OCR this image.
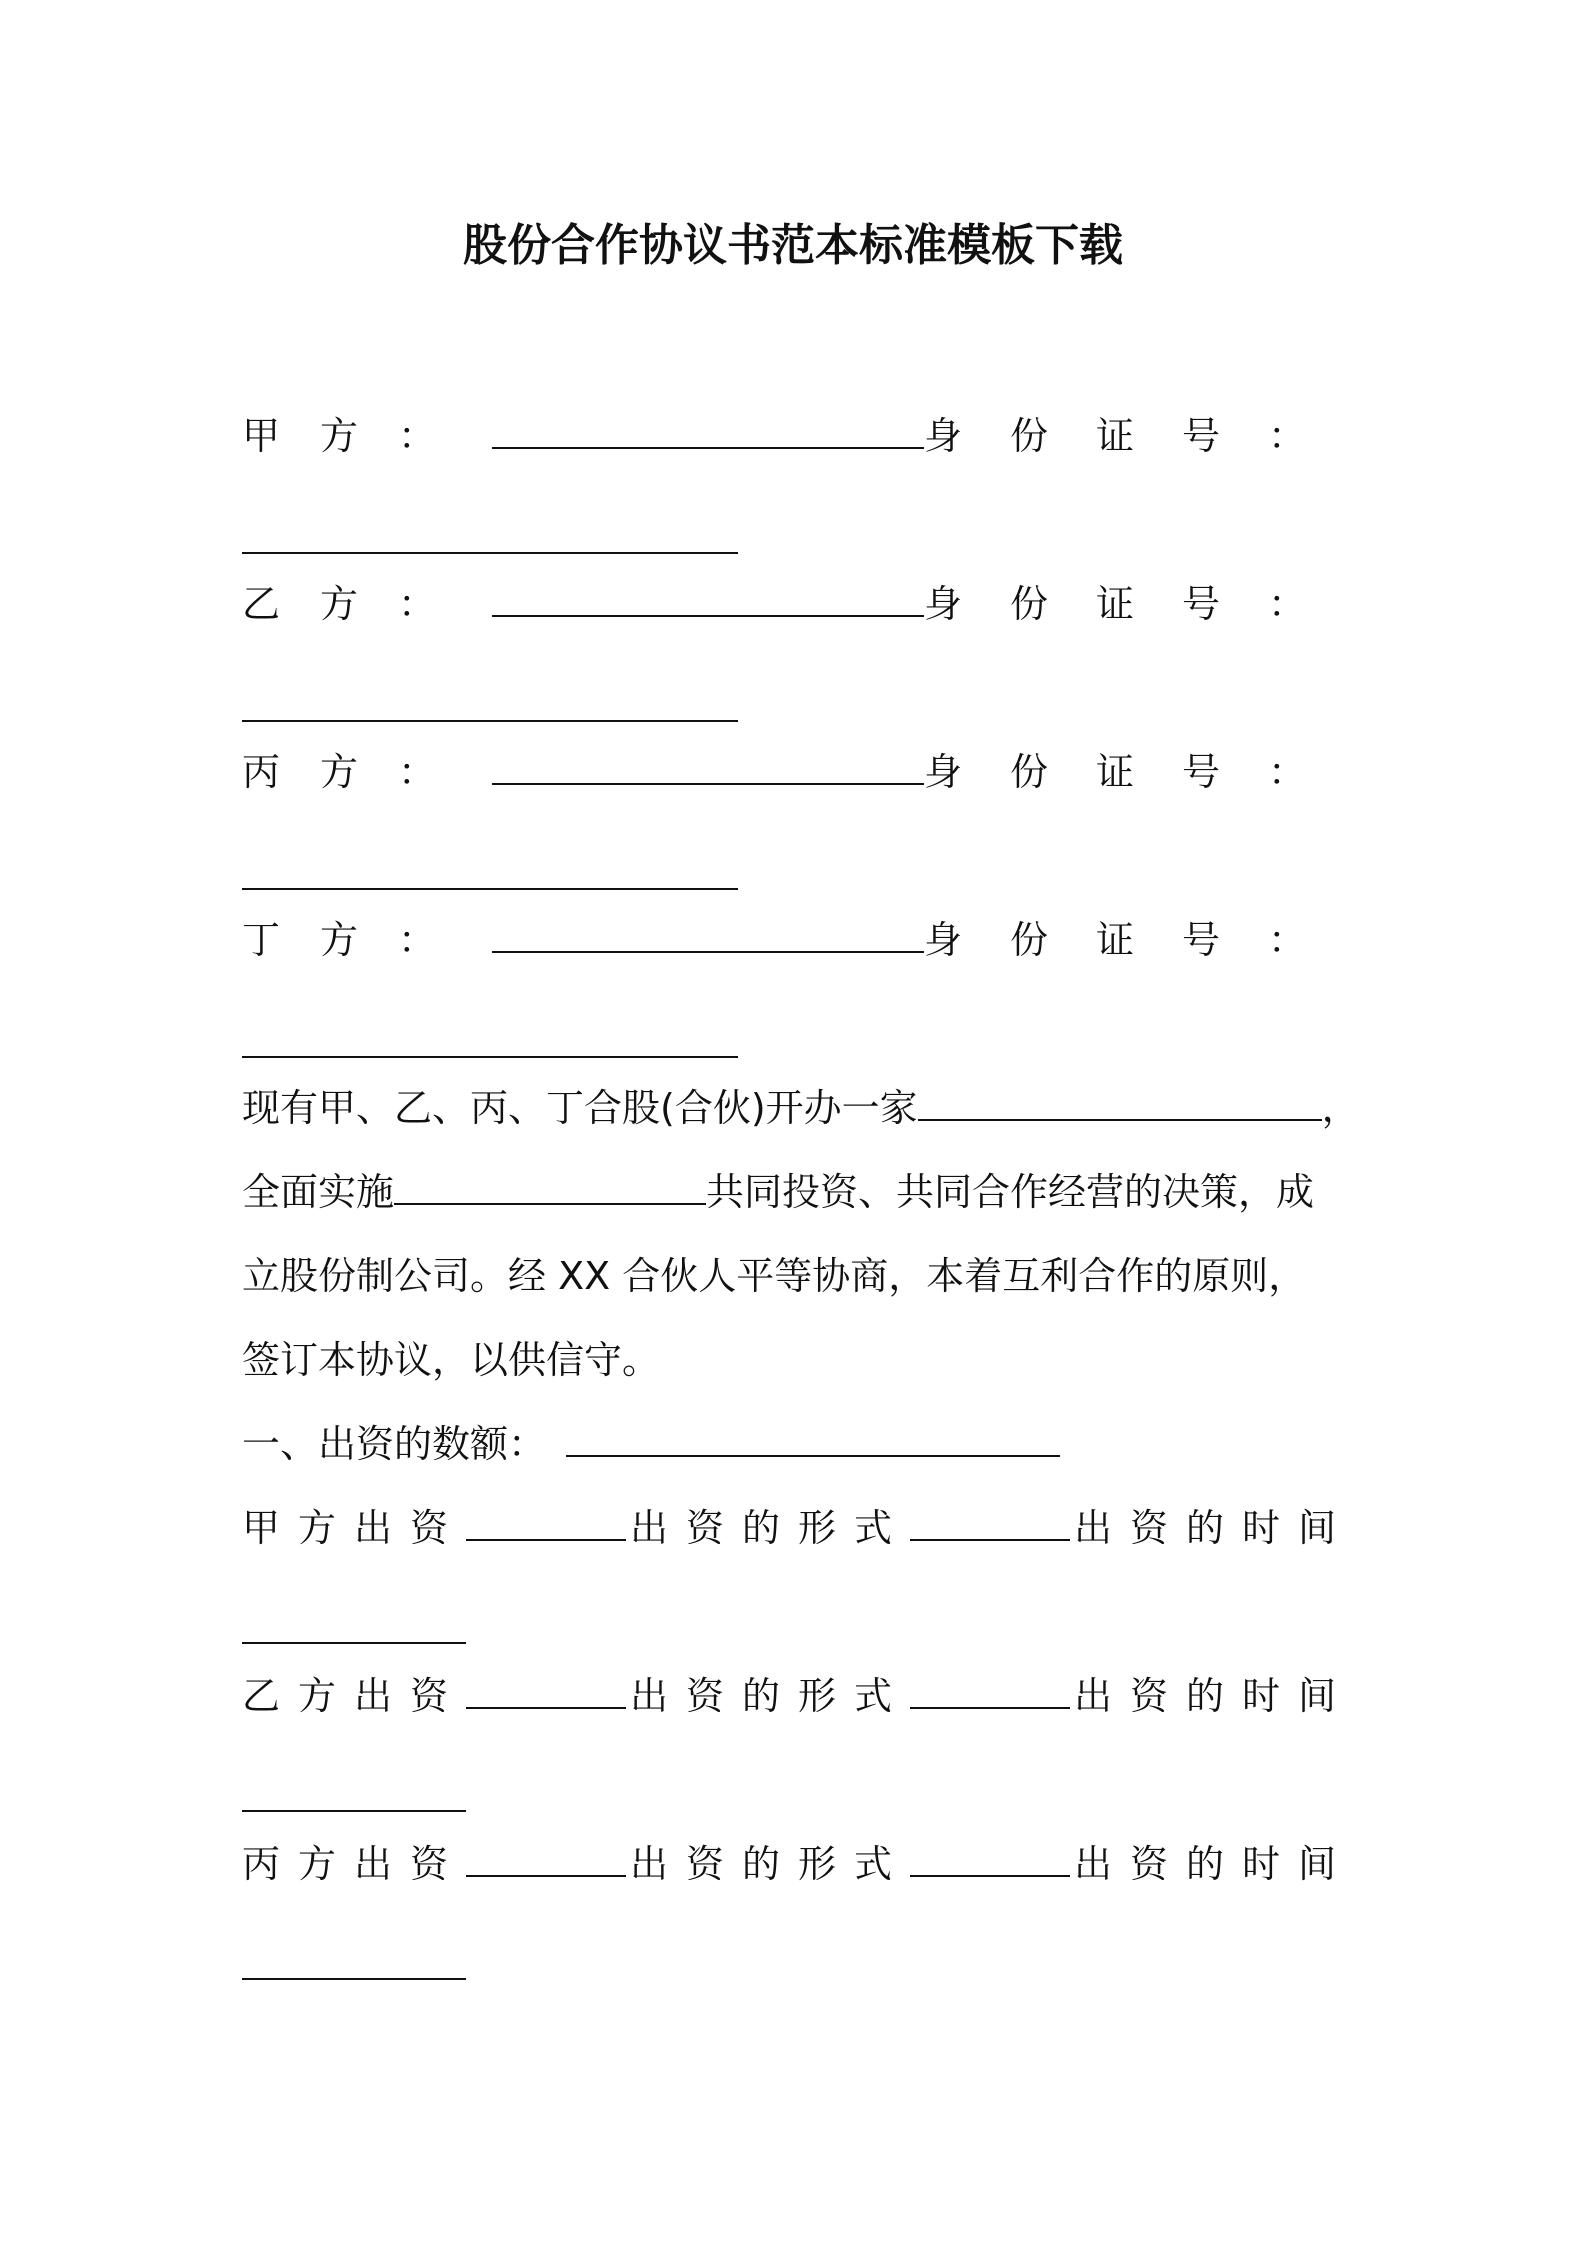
股份合作协议书范本标准模板下载
甲方：	身份证号：
乙方：	身份证号：
丙方：	身份证号：
丁方：	身份证号：
现有甲、乙、丙、丁合股(合伙)开办一家	，
全面实施	共同投资、共同合作经营的决策，成
立股份制公司。经 XX 合伙人平等协商，本着互利合作的原则，
签订本协议，以供信守。
一、出资的数额：
甲方出资	出资的形式	出资的时间
乙方出资	出资的形式	出资的时间
丙方出资	出资的形式	出资的时间
